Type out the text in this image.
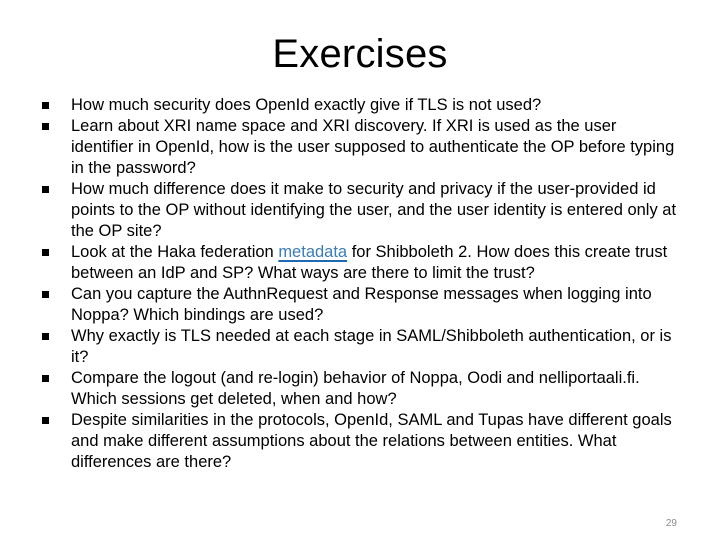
Exercises
How much security does OpenId exactly give if TLS is not used?
Learn about XRI name space and XRI discovery. If XRI is used as the user identifier in OpenId, how is the user supposed to authenticate the OP before typing in the password?
How much difference does it make to security and privacy if the user-provided id points to the OP without identifying the user, and the user identity is entered only at the OP site?
Look at the Haka federation metadata for Shibboleth 2. How does this create trust between an IdP and SP? What ways are there to limit the trust?
Can you capture the AuthnRequest and Response messages when logging into Noppa? Which bindings are used?
Why exactly is TLS needed at each stage in SAML/Shibboleth authentication, or is it?
Compare the logout (and re-login) behavior of Noppa, Oodi and nelliportaali.fi. Which sessions get deleted, when and how?
Despite similarities in the protocols, OpenId, SAML and Tupas have different goals and make different assumptions about the relations between entities. What differences are there?
29
